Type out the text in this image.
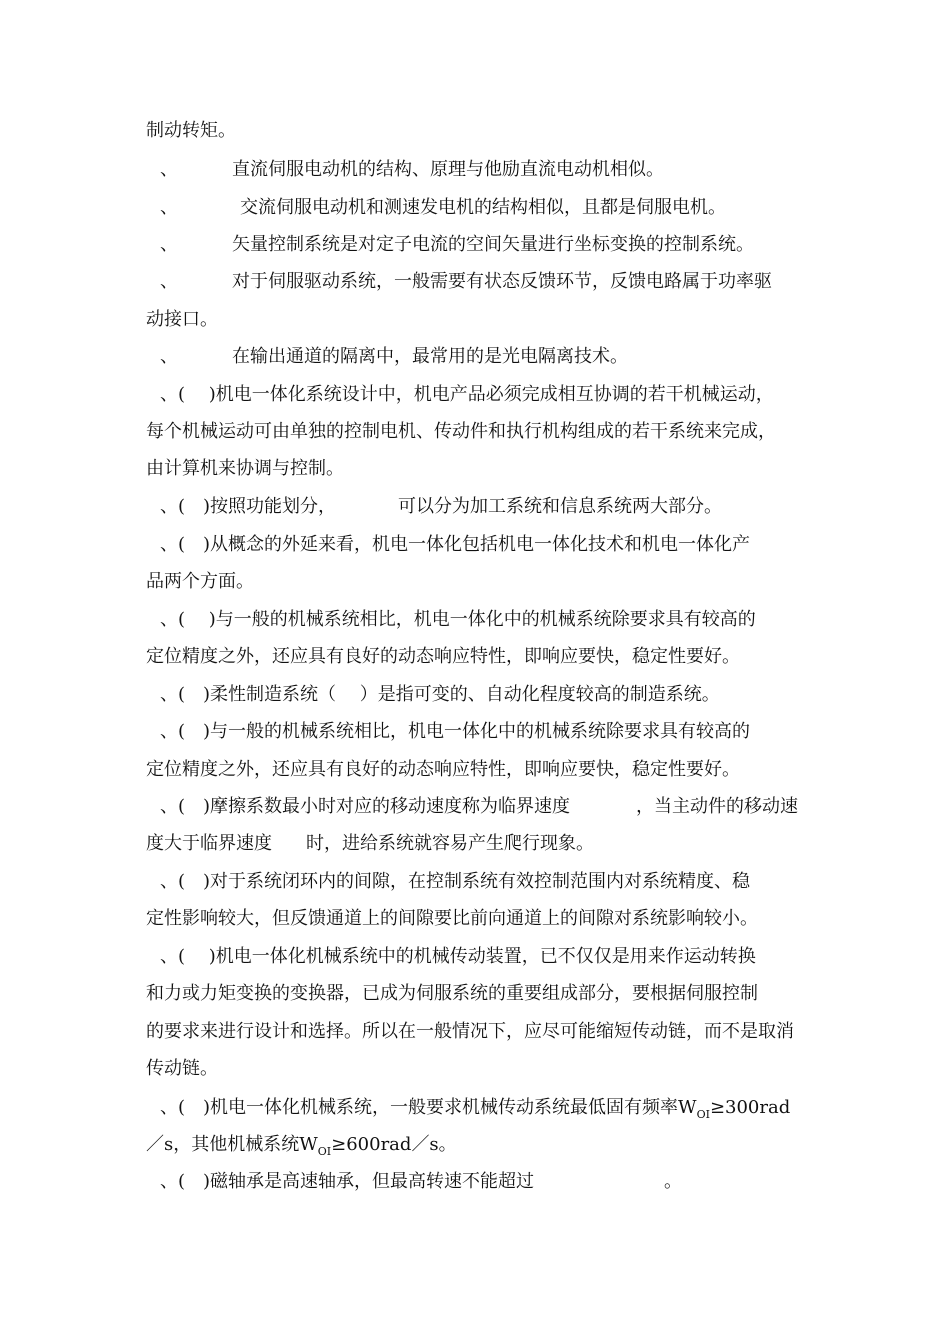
制动转矩。
、	直流伺服电动机的结构、原理与他励直流电动机相似。
、	交流伺服电动机和测速发电机的结构相似，且都是伺服电机。
、	矢量控制系统是对定子电流的空间矢量进行坐标变换的控制系统。
、	对于伺服驱动系统，一般需要有状态反馈环节，反馈电路属于功率驱
动接口。
、	在输出通道的隔离中，最常用的是光电隔离技术。
、(　 )机电一体化系统设计中，机电产品必须完成相互协调的若干机械运动，
每个机械运动可由单独的控制电机、传动件和执行机构组成的若干系统来完成，
由计算机来协调与控制。
、(　)按照功能划分，	可以分为加工系统和信息系统两大部分。
、(　)从概念的外延来看，机电一体化包括机电一体化技术和机电一体化产
品两个方面。
、(　 )与一般的机械系统相比，机电一体化中的机械系统除要求具有较高的
定位精度之外，还应具有良好的动态响应特性，即响应要快，稳定性要好。
、(　)柔性制造系统（　 ）是指可变的、自动化程度较高的制造系统。
、(　)与一般的机械系统相比，机电一体化中的机械系统除要求具有较高的
定位精度之外，还应具有良好的动态响应特性，即响应要快，稳定性要好。
、(　)摩擦系数最小时对应的移动速度称为临界速度	，当主动件的移动速
度大于临界速度 时，进给系统就容易产生爬行现象。
、(　)对于系统闭环内的间隙，在控制系统有效控制范围内对系统精度、稳
定性影响较大，但反馈通道上的间隙要比前向通道上的间隙对系统影响较小。
、(　 )机电一体化机械系统中的机械传动装置，已不仅仅是用来作运动转换
和力或力矩变换的变换器，已成为伺服系统的重要组成部分，要根据伺服控制
的要求来进行设计和选择。所以在一般情况下，应尽可能缩短传动链，而不是取消
传动链。
、(　)机电一体化机械系统，一般要求机械传动系统最低固有频率$W_{OI}\ge 300rad$
／s，其他机械系统$W_{OI}\ge 600rad/s$。
、(　)磁轴承是高速轴承，但最高转速不能超过	。
